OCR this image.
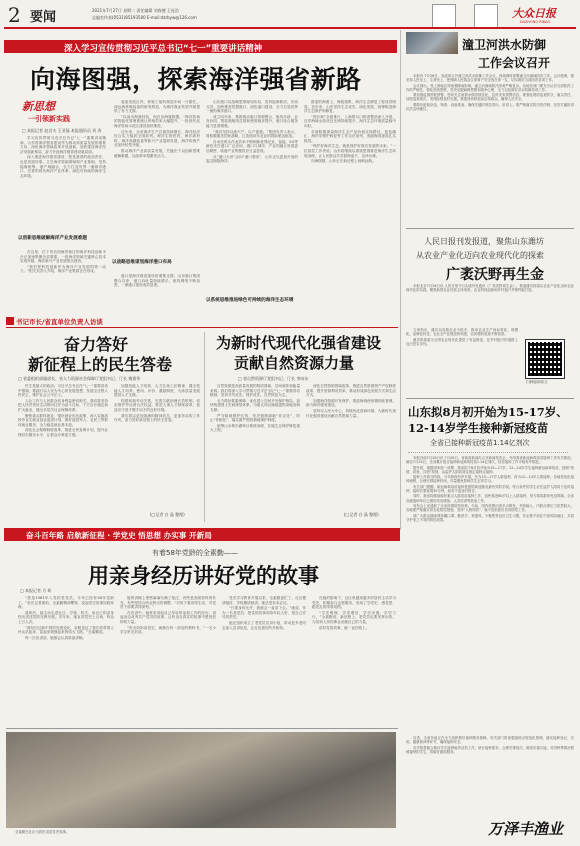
2 要闻	2021年7月27日 星期二 责任编辑 刘春德 王连浩
总编室传真(0531)85193500 E-mail:dzrbyw@126.com	大众日报
DAZHONG RIBAO
深入学习宣传贯彻习近平总书记“七一”重要讲话精神
向海图强，探索海洋强省新路
新思想
一引领新实践
□ 本报记者 赵君夫 王亚磊 本报通讯员 刘 涛

学习宣传贯彻习近平总书记“七一”重要讲话精神，山东将海洋强省建设作为推动高质量发展的重要方向，深化海洋领域改革开放创新，加快建设海洋经济发展新格局，奋力开创海洋强省建设新局面。

深入推进海洋强省建设，既是我省的政治责任，也是发展所需。立足海洋资源禀赋和产业基础，坚持陆海统筹、港产城融合，全力打造世界一流海洋港口、完善的现代海洋产业体系、绿色可持续的海洋生态环境。

以创新思维破解海洋产业发展难题

在这里，位于青岛西海岸新区的海洋科技创新平台正加速集聚各类要素，一批海洋领域关键核心技术实现突破，海洋新兴产业发展势头强劲。

“我们把科技创新作为海洋产业发展的第一动力。”相关负责人介绍，海洋产业集群正在形成。

装备发展区内，养殖工船的制造车间一片繁忙。深远海养殖装备的研发制造，为海洋渔业转型升级提供了有力支撑。

“以前出海靠经验，现在出海靠数据。”海洋牧场的智能化管理系统让养殖效率大幅提升，一批现代化海洋牧场示范区建设加快推进。

近年来，全省海洋生产总值持续增长，海洋经济综合实力稳居全国前列。海洋生物医药、海洋新材料、海洋高端装备等新兴产业蓬勃发展，海洋传统产业加快转型升级。

推动海洋产业高质量发展，关键在于以创新思维破解难题，以改革举措激发活力。

以战略思维谋划海洋港口布局

港口是海洋强省建设的重要支撑。山东港口集团整合以来，港口吞吐量持续增长，航线网络不断加密，一流港口建设成效显著。

山东港口以战略思维谋划布局，坚持陆海联动、东西互济，加快推进智慧港口、绿色港口建设，全力打造世界一流的海洋港口。

成立四年来，集团推动港口资源整合、航线开辟、业务协同，集装箱航线总数和密度稳步提升，港口综合服务能力显著增强。

“我们坚持以港兴产、以产促港。”集团负责人表示，将积极服务国家战略，打造面向东北亚的国际航运枢纽。

自动化码头作业效率不断刷新世界纪录，氢能、5G等新技术在港口广泛应用，港口与城市、产业的融合发展更加紧密，临港产业集聚效应日益显现。

从“港口大省”迈向“港口强省”，山东正以更加开放的姿态拥抱海洋。

以系统思维推进绿色可持续的海洋生态环境

蔚蓝的海面上，海鸥翔集，海洋生态修复工程成效明显。近年来，山东坚持生态优先、绿色发展，统筹推进海洋生态保护和修复。

“湾长制”全面推行，入海排污口排查整治深入开展，近岸海域水质优良比例持续提升，海洋生态环境质量稳中向好。

各地积极探索海洋生态产品价值实现路径，蓝色碳汇、海岸带保护修复等工作走在前列，美丽海湾建设扎实推进。

“保护好海洋生态，就是保护好我们发展的未来。”一位基层工作者说。山东将继续以系统思维推进海洋生态环境治理，让人民群众共享碧海蓝天、洁净沙滩。

向海图强，山东正在新征程上扬帆远航。

书记市长/省直单位负责人访谈
奋力答好
新征程上的民生答卷
□ 省委组织部副部长、省人力资源社会保障厅党组书记、厅长 梅建华

民生是最大的政治。习近平总书记在“七一”重要讲话中强调，要践行以人民为中心的发展思想，发展全过程人民民主，维护社会公平正义。

人社工作与人民群众切身利益密切相关。我们将坚持把人民对美好生活的向往作为奋斗目标，千方百计稳定和扩大就业，健全多层次社会保障体系。

聚焦重点群体就业，强化就业优先政策，深入实施高校毕业生就业创业促进计划，做好退役军人、农民工等群体就业服务，全力稳住就业基本盘。

深化社会保障制度改革，推进全民参保计划，提升社保经办服务水平，让群众办事更方便。

加强技能人才培养，大力弘扬工匠精神，健全技能人才培养、使用、评价、激励制度，为高质量发展提供人才支撑。

构建和谐劳动关系，完善欠薪治理长效机制，切实维护劳动者合法权益。推进人事人才制度改革，营造识才爱才敬才用才的良好环境。

我们将以更加饱满的精神状态、更加务实的工作作风，奋力答好新征程上的民生答卷。

(□记者 白 晶 整理)
为新时代现代化强省建设
贡献自然资源力量
□ 省自然资源厅党组书记、厅长 李向东

自然资源是高质量发展的物质基础、空间载体和能量来源。我们将深入学习贯彻习近平总书记“七一”重要讲话精神，坚持节约优先、保护优先、自然恢复为主。

全力做好要素保障，优化国土空间开发保护格局，加快构建国土空间规划体系，为重大项目落地提供用地用海支撑。

严守耕地保护红线，坚决遏制耕地“非农化”、防止“非粮化”，落实最严格的耕地保护制度。

统筹山水林田湖草沙系统治理，实施生态保护修复重大工程。

深化自然资源领域改革，推进自然资源资产产权制度改革，提升资源利用效率，推动形成绿色发展方式和生活方式。

加强海洋资源开发保护，推进海域使用精细化管理，助力海洋强省建设。

坚持以人民为中心，持续优化营商环境，为新时代现代化强省建设贡献自然资源力量。

(□记者 白 晶 整理)
潼卫河洪水防御
工作会议召开

本报讯 7月26日，省政府召开潼卫河洪水防御工作会议，视频调度部署潼卫河流域防汛工作。会议强调，要坚持人民至上、生命至上，把保障人民群众生命财产安全放在第一位，切实做好当前防汛各项工作。

会议指出，受上游地区持续强降雨影响，潼卫河流域防汛形势严峻复杂。各地各部门要充分认识当前防汛工作的严峻性，强化底线思维，坚决克服麻痹思想和侥幸心理，全力以赴做好洪水防御各项工作。

要加强监测预报预警，密切关注雨情水情汛情变化，及时发布预警信息。要强化堤防巡查防守，落实责任，加密巡查频次，发现险情及时处置。要提前转移危险区域群众，确保人员安全。

要做好抢险队伍、物资、设备准备，确保关键时刻拉得出、用得上。要严格落实防汛责任制，坚决打赢防汛抗洪这场硬仗。

人民日报刊发报道，聚焦山东潍坊
从农业产业化迈向农业现代化的探索
广袤沃野再生金

本报北京7月26日讯 人民日报今日头版刊发通讯《广袤沃野再生金》，报道潍坊探索从农业产业化迈向农业现代化的实践，聚焦新型农业经营主体培育、农业科技创新和乡村振兴齐鲁样板打造。

文章指出，潍坊以设施农业为抓手，推动农业生产向标准化、规模化、品牌化转变，农业全产业链加快构建，农民增收渠道不断拓宽。

潍坊的探索为全国农业现代化提供了有益借鉴，在乡村振兴的道路上迈出坚实步伐。

扫码阅读原文
山东拟8月初开始为15-17岁、
12-14岁学生接种新冠疫苗
全省已接种新冠疫苗1.14亿剂次

本报济南7月26日讯 7月26日，省政府新闻办召开新闻发布会，介绍我省新冠病毒疫苗接种工作有关情况。截至7月25日，全省累计报告接种新冠病毒疫苗1.14亿剂次，疫苗接种工作平稳有序推进。

据介绍，根据国家统一部署，我省拟于8月初开始为15—17岁、12—14岁学生接种新冠病毒疫苗，按照“知情、同意、自愿”原则，由监护人陪同前往指定接种点接种。

接种工作将分阶段、分年龄段有序开展，先为15—17岁人群接种，再为12—14岁人群接种。各地将优化接种流程，合理安排接种时间，尽量避免影响学生正常学习。

有关部门提醒，新冠病毒疫苗接种是预防新冠肺炎最有效的手段。符合条件的学生应在监护人陪同下及时接种，接种后要留观30分钟，如有不适及时报告。

同时，我省将继续做好重点人群疫苗接种工作，加快推进60岁以上人群接种，努力构筑群体免疫屏障。全省各级接种单位已做好疫苗储备、人员培训等准备工作。

发布会上还通报了全省疫情防控形势。当前，国内疫情出现多点散发，外防输入、内防反弹压力依然较大。各地要严格落实常态化防控措施，坚持“人物同防”，毫不放松抓好各项防控工作。

请广大群众继续保持戴口罩、勤洗手、常通风、少聚集等良好卫生习惯，非必要不前往中高风险地区，共同守护来之不易的防控成果。

另悉，全省各地正在全力组织做好接种服务保障。有关部门将加强接种点规范化管理，落实接种登记、告知、健康询问等环节，确保接种安全。

各学校将配合做好学生接种组织动员工作，统计接种需求，合理安排批次，做到应接尽接。对因特殊情况暂缓接种的学生，将做好跟踪服务。

万泽丰渔业
奋斗百年路 启航新征程 · 学党史 悟思想 办实事 开新局
有着58年党龄的全素勤——
用亲身经历讲好党的故事
□ 本报记者 方 昕

“我是1963年入党的老党员，今年已经有58年党龄了。”坐在记者面前，全素勤精神矍铄，说起党史故事如数家珍。

退休后，她主动走进社区、学校、机关，用自己的亲身经历讲述党的光辉历程。多年来，她宣讲党史上百场，听众上万人次。

“我经历过新中国的发展变化，亲眼见证了我们党带领人民从站起来、富起来到强起来的伟大飞跃。”全素勤说。

每一次宣讲前，她都会认真准备讲稿。

她的讲稿上密密麻麻写满了批注，有些是查阅资料的补充，有些是结合听众特点的调整。“对孩子要讲得生动，对党员干部要讲得深刻。”

在宣讲中，她常常讲起自己年轻时参加工作的经历，讲起身边优秀共产党员的故事，让听众在真实的故事中感受信仰的力量。

“听全奶奶讲党史，就像在听一部活的教科书。”一名小学生听完后说。

党史学习教育开展以来，全素勤更忙了。社区邀请她讲，学校邀请她讲，她总是有求必应。

“只要身体允许，我就会一直讲下去。”她说，作为一名老党员，把党的故事讲给年轻人听，是自己应尽的责任。

她还组织成立了老党员宣讲小组，带动更多老同志加入宣讲队伍，让红色基因代代相传。

在她的影响下，社区里越来越多的居民主动学习党史，积极参与志愿服务，形成了学党史、感党恩、跟党走的浓厚氛围。

“学史明理、学史增信、学史崇德、学史力行。”全素勤说，新征程上，老党员也要发挥余热，为党和人民的事业贡献自己的力量。

讲好党的故事，她一直在路上。

全素勤在社区为居民讲述党史故事。
